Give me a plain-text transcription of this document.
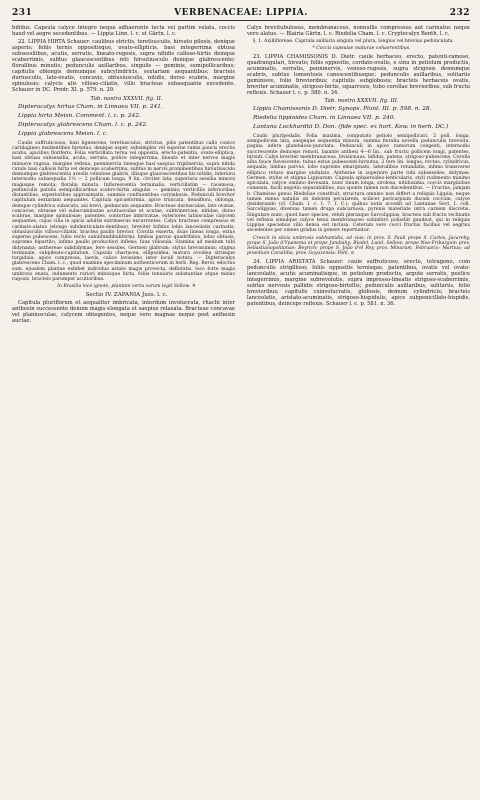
231	VERBENACEAE: LIPPIA.	232

bifidus. Capsula calyce integro neque adhaerente tecta vel partim velata, coccis haud vel aegre secedentibus. — Lippia Linn. l. c. et Gärtn. l. c.

22. LIPPIA HIRTA Schauer: caulibus strictis, teretiusculis, hirsuto pilosis, denique asperis; foliis ternis oppositisque, ovato-ellipticis, basi integerrima obtusa subsessilibus, acutis, serratis, lineato-rugosis, supra nitidis calloso-hirtis deinque scaberrimis, subtus glaucescentibus reti hirsutiusculo denique glabrescente; floralibus minutis; pedunculis axillaribus, singulis — geminis, semipollicaribus; capitulis oblongis demumque subcylindricis, sextariam aequantibus; bracteis duriusculis, lato-ovatis, concavis, obtusiusculis, nitidis, dorso scabris, margine spinulosis; calycis alis villoso-ciliatis, villo bracteas subaequante excedente. Schauer in DC. Prodr. XI. p. 579. n. 29.

Tab. nostra XXXVII. fig. II.

Dipteracalyx hirtus Cham. in Linnaea VII. p. 241.

Lippia hirta Meisn. Comment. l. c. p. 242.

Dipteracalyx glabrescens Cham. l. c. p. 242.

Lippia glabrescens Meisn. l. c.

Caulis suffruticosus, basi lignescens, teretiusculus, strictus, pilis patentibus callo conico cartilagineo insidentibus hirsutus, denique asper, subsimplex vel superne ramis paucis erectis acutis, apicibus floriferis. Folia verticillata terna vel opposita, erecto-patentia, ovato-elliptica, basi obtusa subsessilia, acuta, serrata, pollice integerrima, lineata et inter nervos magis minusve rugosa, margine reflexa, penninervia tineaque basi saepius triplinervia, supra nitida cutulo basi callosis hirta vel deinceps scaberrima, subtus in nervis prominentibus hirsutiusculo demumque glabrescentia areolis venulose glabris, illisque glaucescentibus his nitidis; inferiora internodio subaequalia 1½ — 2 pollicum longa, 9 lin. circiter lata; superiora sessilia minora magisque remota; floralia minuta. Inflorescentia terminalis, verticillatim — racemosa; pedunculis patulis semipollicaribus scabro-hirtis singulis — geminis; verticillis inferioribus distantibus, superioribus approximatis, summis confluentibus corymbosis. Pedunculi breviter capitulum sextariam aequantes. Capitula spicaeformia, apice truncata, densiflora, oblonga, deinque cylindrica subacuta, axi brevi, pedunculo aequante. Bracteae duriusculae, late ovatae, concavae, obtusae vel subacuminatae acutiusculae et acutae, subtrinerviae, nitidae, dorso scabrae, margine spinulosae; patentes, contortae imbricatae, exteriores latiusculae calycem aequantes, cujus cilia in spicis adultis extrinsecus excurrentes. Calyx bracteae compressus et carinato-alatus (elongo subdenticulato-dentibus), breviter bifidus lobis lanceolatis carinatis, obtusiusculis villoso-ciliatis, bractea paullo brevior. Corolla exserta, duas lineas longa, extus superne pubescens, tubo recto subinfundibuliformi; limbus parvus quadrifidus, lobis obtusis, supremo bipartito, infimo paullo productiori inflexo; faux villosula. Stamina ad medium tubi didynama; anthereae subdidymae, fere sessiles. Germen glabrum; stylus brevissimus; stigma terminale, subpileato-capitatum. Capsula chartacea, ellipsoidea, matura ovoidea striisque turgidula, apice compressa, laevis, calice levissimo inter loculi notata. — Dipteracalyx glabrescens Cham. l. c.; quod examine speciminum authenticorum in herb. Reg. Berol. edoctus sum, ejusdem plantae exhibet individua astate magis provecta, defloratis, loco forte magis umbroso enata, indumento rariori minusque hirta, foliis tenuioris substantiae atque minus rugosis, bracteis parumper acutioribus.

In Brasilia loco ignoto, plantam vertu varum legit Sellow. ♃

Sectio IV. ZAPANIA Juss. l. c.

Capitula pluriflorum et aequaliter imbricata, interdum involucrata, rhachi inter anthesin successente denum magis elongata et saepius relaxata. Bracteae concavae vel planiusculae, calycem obtegentes, neque vero magnae neque post anthesin auctae.

Calyx brevitubulosus, membranaceus, nonnullis compressus aut carinatus neque vero alatus. — Blairia Gärtn. l. c. Riedelia Cham. l. c. Cryptocalyx Benth. l. c.

§. 1. Axillifloreae. Capitula axillaria singula vel plura, longius vel brevius pedunculata.

* Coccis capsulae maturae cohaerentibus.

23. LIPPIA CHAMISSONIS D. Dietr. caule herbaceo, erecto, patenti-ramoso, quadrangulari, hirsuto; foliis oppositis, cordato-ovatis, e sinu in petiolum productis, acuminatis, serratis, penninervis, venoso-rugosis, supra strigosis demumque scabris, subtus tomentosis canescentibusque; pedunculis axillaribus, solitariis geminisve, folio brevioribus; capitulis subglobosis; bracteis herbaceis ovatis, breviter acuminatis, strigoso-hirtis, squarrosis, tubo corollae brevioribus, sub fructu reflexis. Schauer l. c. p. 580. n. 34.

Tab. nostra XXXVII. fig. III.

Lippia Chamissonis D. Dietr. Synops. Plant. III. p. 598. n. 28.

Riedelia lippioides Cham. in Linnaea VII. p. 240.

Lantana Lockhardtii D. Don. (fide spec. ex hort. Kew. in herb. DC.)

Caulis pluripedalis. Folia maxima, computato petiolo semipollicari, 2 poll. longa, semipollicem lata, saepeque sequentia minora, summa floralia novella pedunculis breviora, pagina infera glanduloso-punctata. Pedunculi in apice ramorum congesti, internodio succrescente deinceps remoti, laxante anthesi 4—6 lin., sub fructu pollicem longi, patentes, hirsuti. Calyx breviter membranaceus, bivisionaus, bifidus, patens, strigoso-pubescens. Corolla alba fauce flavescente; tubus extus pubescenti-hirsutus, 2 fere lin. longus, rectus, cylindricus, aequalis; limbus parvus, lobo supremo emarginato, lateralibus rotundatis, infimo transverse elliptico retuso margine undulato. Antherae in superiore parte tubi subsessiles, didymae. Germen, stylus et stigma Lippiarum. Capsula sphaeroideo-lenticularis, styli rudimento minimo apiculata, calyce omnino devexata, nunc tinum longa, sirolosa, nitidissima, coccis marginibus connexis, facili negotio separabilibus, sua sponte tamen non discedentibus. — Fructus, jamjam b. Chamisso genus Riedeliae constituit, structura omnino non differt a reliquis Lippiis; neque tamen minus nataliis ob indolem pecularem, scilicet pericarpium duram coccum, calyce desiderando (cf. Cham. l. c. t. 7. f. C.); quibus notis accedit ad Lantanae Sect. I. coll. Sarcolippias, diversas tamen drupa subcarnosa, pyrenis materiate intra carnem discretis. Singulare nunc, quod haec species, veluti plerasque Sarcolippias, bracteis sub fructu reclinatis vel reflexis simulque calyce tenui membranaceo subinfero poliodiir gaudeat, qui in reliquis Lippiae speciebus villo densa est inclusa. Ceterum vero cocci fructus facilius vel aegrius secedentes per omnes gradus in genere repertuntur.

Crescit in silvis umbrosis subhumidis, ad vias: in prov. S. Pauli prope S. Carlos, Jacarehy, prope S. João d'Ypanema et prope Jundiahy: Riedel, Lund, Sellow; prope Neo-Friburgum prov. Sebastianopolitanae: Beyrich; prope S. João d'el Rey prov. Minarum, Februario: Martius; ad praedium Caruitiba, prov. Goyazensis: Pohl. ⊙

24. LIPPIA ARISTATA Schauer: caule suffruticoso, erecto, tetragono, cum pedunculis strigilloso; foliis oppositis ternisque, patentibus, ovatis vel ovato-lanceolatis, acutis acuminatisque, in petiolum productis, argute serratis, postice integerrimis, margine subrevolutis, supra impresso-lineatis strigoso-scaberrimis, subtus nervosis pallidis strigoso-birtellis; pedunculis axillaribus, solitariis, folio brevioribus; capitulis cxinvolucratis, globosis, demum cylindricis; bracteis lanceolatis, aristato-acuminatis, strigoso-hispidulis, apice subpenicillato-hispidis, patentibus, deinceps reflexis. Schauer l. c. p. 581. n. 36.
